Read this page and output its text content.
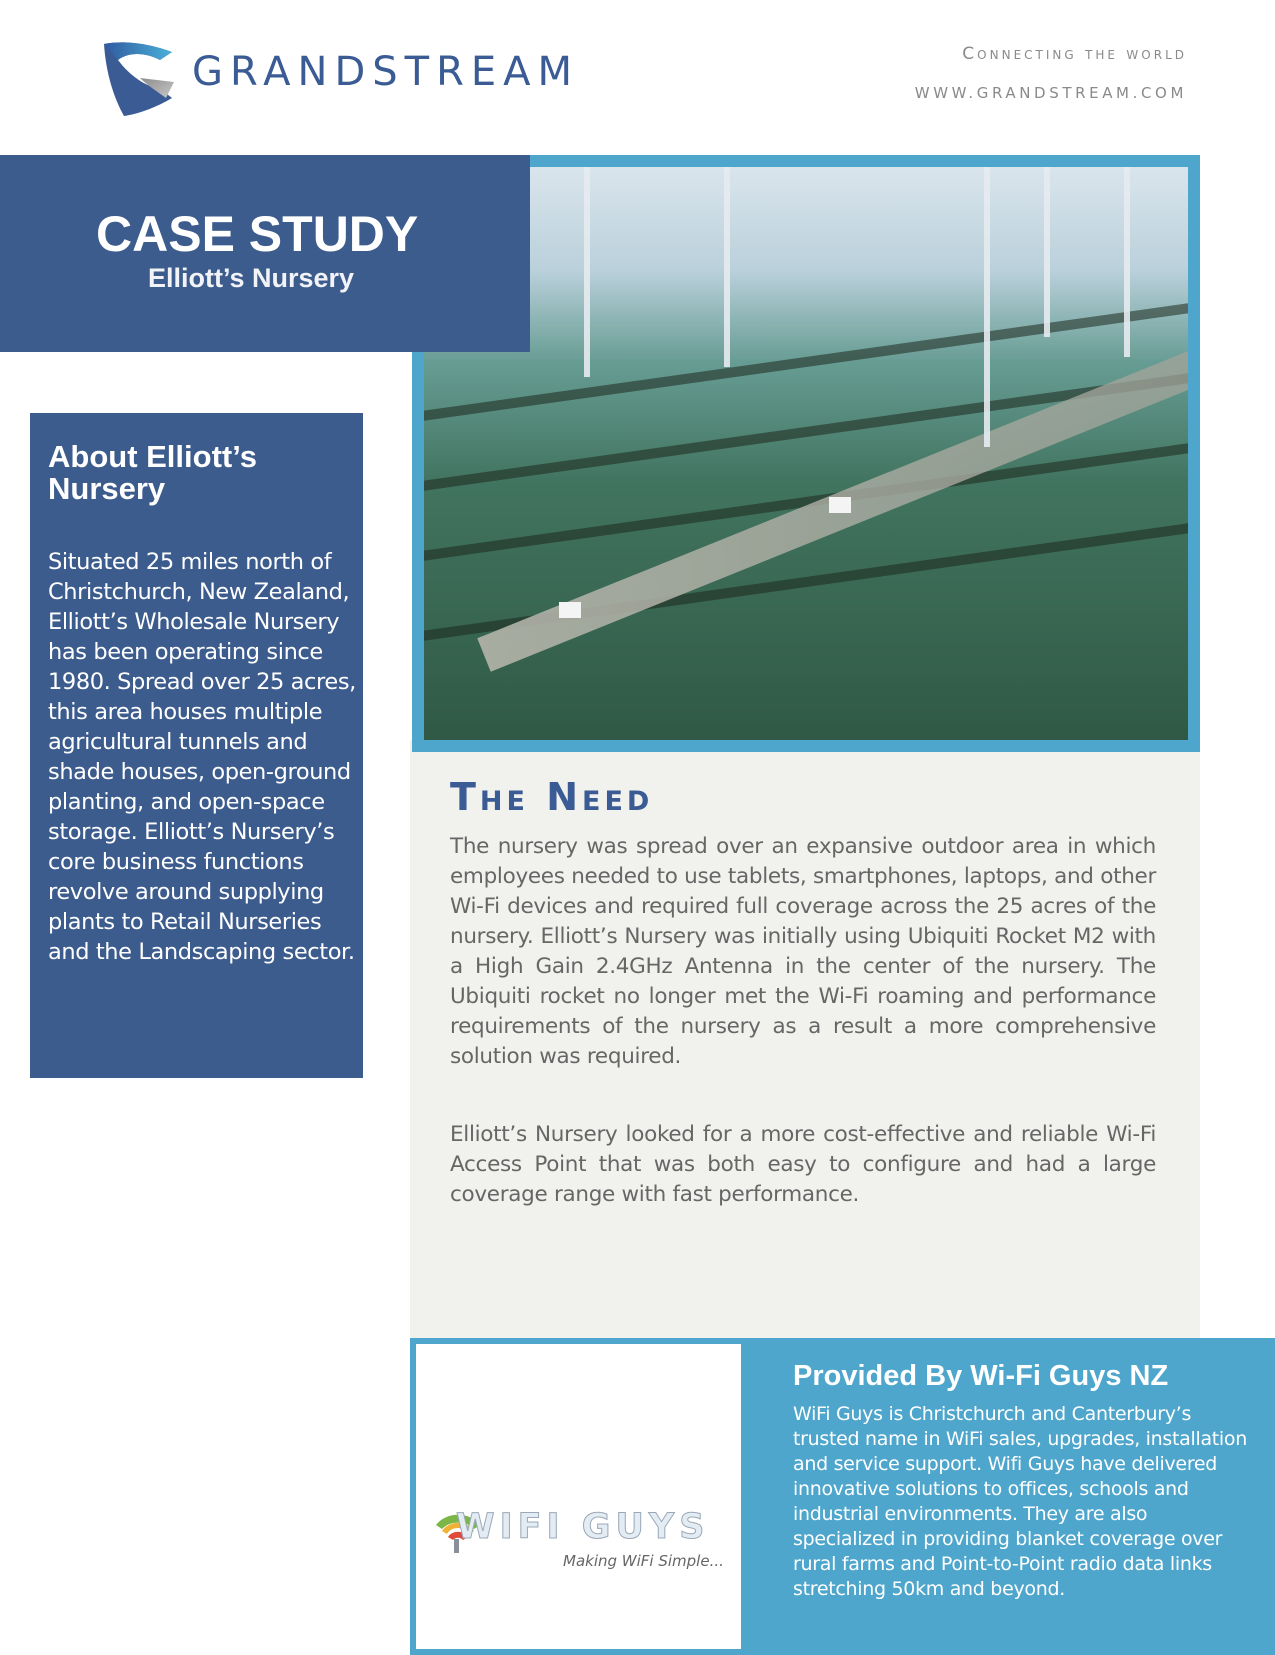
GRANDSTREAM	Connecting the world
WWW.GRANDSTREAM.COM
CASE STUDY
Elliott’s Nursery
The Need

The nursery was spread over an expansive outdoor area in which employees needed to use tablets, smartphones, laptops, and other Wi-Fi devices and required full coverage across the 25 acres of the nursery. Elliott’s Nursery was initially using Ubiquiti Rocket M2 with a High Gain 2.4GHz Antenna in the center of the nursery. The Ubiquiti rocket no longer met the Wi-Fi roaming and performance requirements of the nursery as a result a more comprehensive solution was required.

Elliott’s Nursery looked for a more cost-effective and reliable Wi-Fi Access Point that was both easy to configure and had a large coverage range with fast performance.

About Elliott’s Nursery

Situated 25 miles north of Christchurch, New Zealand, Elliott’s Wholesale Nursery has been operating since 1980. Spread over 25 acres, this area houses multiple agricultural tunnels and shade houses, open-ground planting, and open-space storage. Elliott’s Nursery’s core business functions revolve around supplying plants to Retail Nurseries and the Landscaping sector.

WIFI GUYS
Making WiFi Simple...
Provided By Wi-Fi Guys NZ

WiFi Guys is Christchurch and Canterbury’s trusted name in WiFi sales, upgrades, installation and service support. Wifi Guys have delivered innovative solutions to offices, schools and industrial environments. They are also specialized in providing blanket coverage over rural farms and Point-to-Point radio data links stretching 50km and beyond.
